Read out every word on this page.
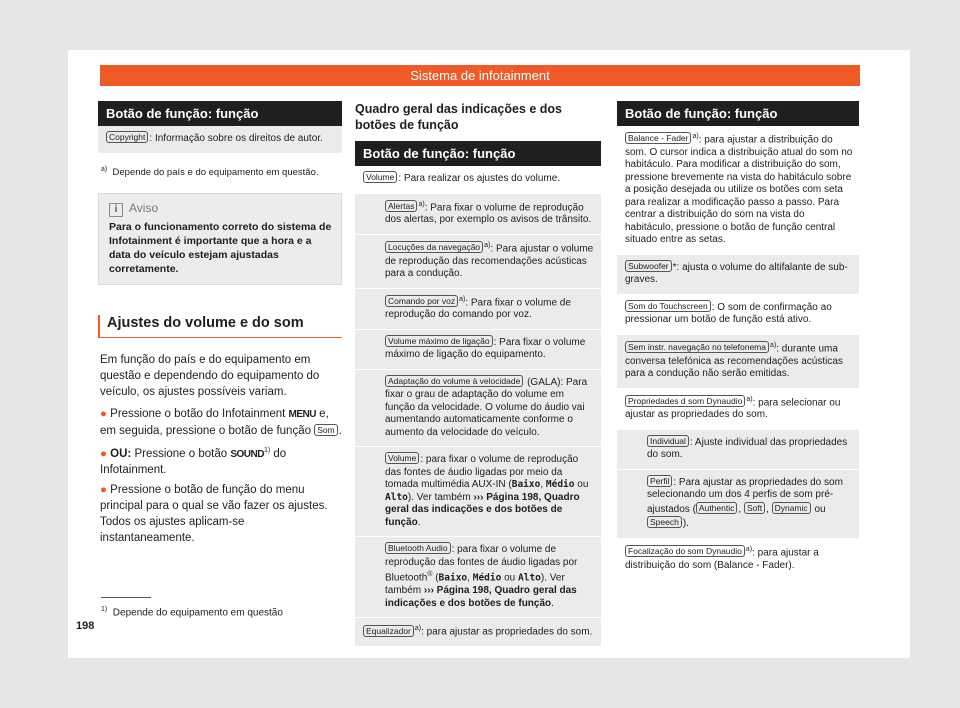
Sistema de infotainment
Botão de função: função
Copyright : Informação sobre os direitos de autor.
$^{a)}$ Depende do país e do equipamento em questão.
i Aviso
Para o funcionamento correto do sistema de Infotainment é importante que a hora e a data do veículo estejam ajustadas corretamente.
Ajustes do volume e do som
Em função do país e do equipamento em questão e dependendo do equipamento do veículo, os ajustes possíveis variam.
● Pressione o botão do Infotainment MENU e, em seguida, pressione o botão de função Som .
● OU: Pressione o botão SOUND$^{1)}$ do Infotainment.
● Pressione o botão de função do menu principal para o qual se vão fazer os ajustes. Todos os ajustes aplicam-se instantaneamente.
Quadro geral das indicações e dos botões de função
Botão de função: função
Volume : Para realizar os ajustes do volume.
Alertas $^{a)}$: Para fixar o volume de reprodução dos alertas, por exemplo os avisos de trânsito.
Locuções da navegação $^{a)}$: Para ajustar o volume de reprodução das recomendações acústicas para a condução.
Comando por voz $^{a)}$: Para fixar o volume de reprodução do comando por voz.
Volume máximo de ligação : Para fixar o volume máximo de ligação do equipamento.
Adaptação do volume à velocidade (GALA): Para fixar o grau de adaptação do volume em função da velocidade. O volume do áudio vai aumentando automaticamente conforme o aumento da velocidade do veículo.
Volume : para fixar o volume de reprodução das fontes de áudio ligadas por meio da tomada multimédia AUX-IN (Baixo, Médio ou Alto). Ver também ››› Página 198, Quadro geral das indicações e dos botões de função.
Bluetooth Audio : para fixar o volume de reprodução das fontes de áudio ligadas por Bluetooth® (Baixo, Médio ou Alto). Ver também ››› Página 198, Quadro geral das indicações e dos botões de função.
Equalizador $^{a)}$: para ajustar as propriedades do som.
Botão de função: função
Balance - Fader $^{a)}$: para ajustar a distribuição do som. O cursor indica a distribuição atual do som no habitáculo. Para modificar a distribuição do som, pressione brevemente na vista do habitáculo sobre a posição desejada ou utilize os botões com seta para realizar a modificação passo a passo. Para centrar a distribuição do som na vista do habitáculo, pressione o botão de função central situado entre as setas.
Subwoofer *: ajusta o volume do altifalante de sub-graves.
Som do Touchscreen : O som de confirmação ao pressionar um botão de função está ativo.
Sem instr. navegação no telefonema $^{a)}$: durante uma conversa telefónica as recomendações acústicas para a condução não serão emitidas.
Propriedades d som Dynaudio $^{a)}$: para selecionar ou ajustar as propriedades do som.
Individual : Ajuste individual das propriedades do som.
Perfil : Para ajustar as propriedades do som selecionando um dos 4 perfis de som pré-ajustados ( Authentic , Soft , Dynamic ou Speech ).
Focalização do som Dynaudio $^{a)}$: para ajustar a distribuição do som (Balance - Fader).
$^{1)}$ Depende do equipamento em questão
198
